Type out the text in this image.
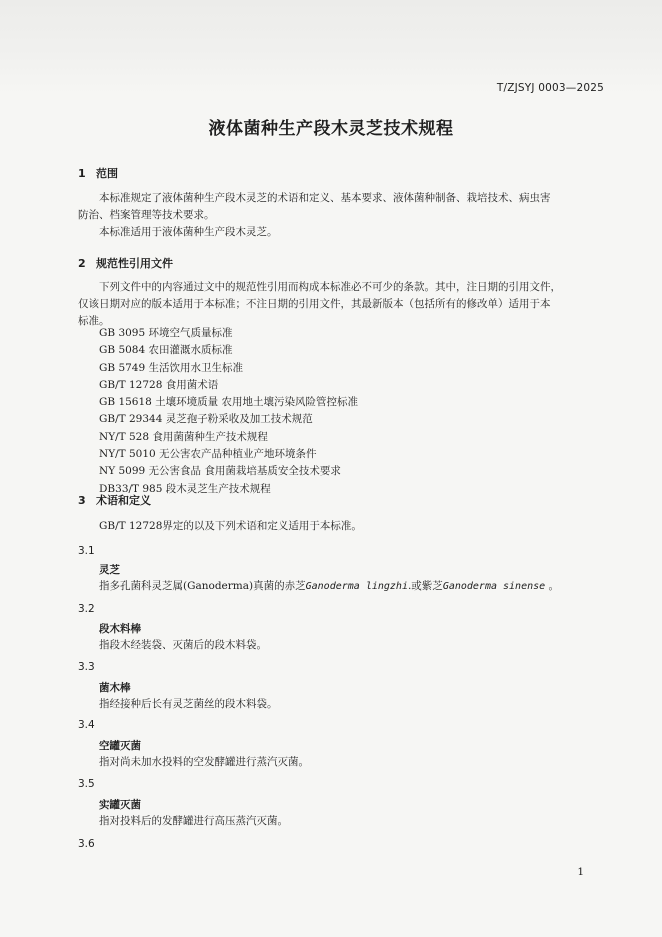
T/ZJSYJ 0003—2025
液体菌种生产段木灵芝技术规程
1 范围
本标准规定了液体菌种生产段木灵芝的术语和定义、基本要求、液体菌种制备、栽培技术、病虫害
防治、档案管理等技术要求。
本标准适用于液体菌种生产段木灵芝。
2 规范性引用文件
下列文件中的内容通过文中的规范性引用而构成本标准必不可少的条款。其中，注日期的引用文件，
仅该日期对应的版本适用于本标准；不注日期的引用文件，其最新版本（包括所有的修改单）适用于本
标准。
GB 3095 环境空气质量标准
GB 5084 农田灌溉水质标准
GB 5749 生活饮用水卫生标准
GB/T 12728 食用菌术语
GB 15618 土壤环境质量 农用地土壤污染风险管控标准
GB/T 29344 灵芝孢子粉采收及加工技术规范
NY/T 528 食用菌菌种生产技术规程
NY/T 5010 无公害农产品种植业产地环境条件
NY 5099 无公害食品 食用菌栽培基质安全技术要求
DB33/T 985 段木灵芝生产技术规程
3 术语和定义
GB/T 12728界定的以及下列术语和定义适用于本标准。
3.1
灵芝
指多孔菌科灵芝属(Ganoderma)真菌的赤芝Ganoderma lingzhi.或紫芝Ganoderma sinense 。
3.2
段木料棒
指段木经装袋、灭菌后的段木料袋。
3.3
菌木棒
指经接种后长有灵芝菌丝的段木料袋。
3.4
空罐灭菌
指对尚未加水投料的空发酵罐进行蒸汽灭菌。
3.5
实罐灭菌
指对投料后的发酵罐进行高压蒸汽灭菌。
3.6
1
